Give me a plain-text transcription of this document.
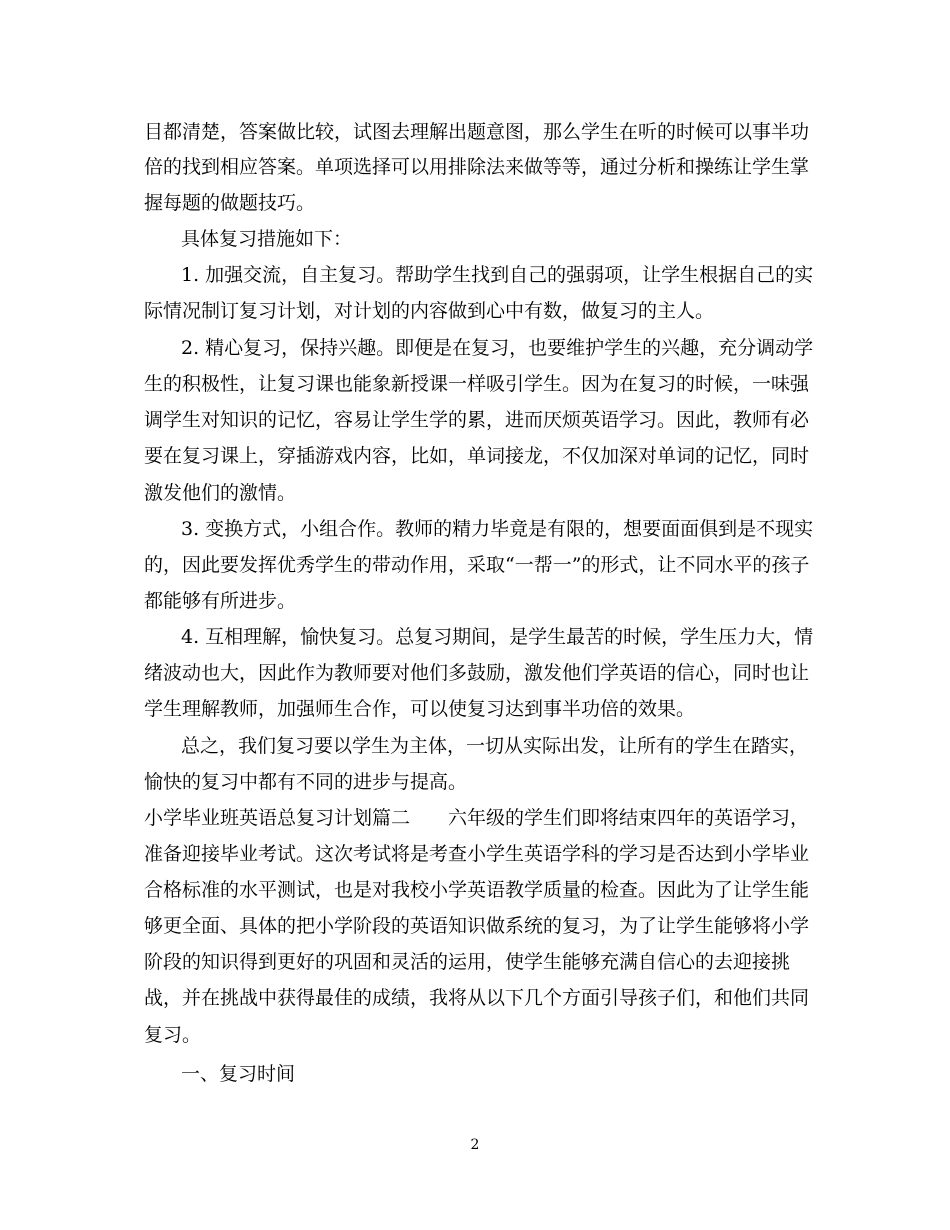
目都清楚，答案做比较，试图去理解出题意图，那么学生在听的时候可以事半功
倍的找到相应答案。单项选择可以用排除法来做等等，通过分析和操练让学生掌
握每题的做题技巧。
具体复习措施如下：
1. 加强交流，自主复习。帮助学生找到自己的强弱项，让学生根据自己的实
际情况制订复习计划，对计划的内容做到心中有数，做复习的主人。
2. 精心复习，保持兴趣。即便是在复习，也要维护学生的兴趣，充分调动学
生的积极性，让复习课也能象新授课一样吸引学生。因为在复习的时候，一味强
调学生对知识的记忆，容易让学生学的累，进而厌烦英语学习。因此，教师有必
要在复习课上，穿插游戏内容，比如，单词接龙，不仅加深对单词的记忆，同时
激发他们的激情。
3. 变换方式，小组合作。教师的精力毕竟是有限的，想要面面俱到是不现实
的，因此要发挥优秀学生的带动作用，采取“一帮一”的形式，让不同水平的孩子
都能够有所进步。
4. 互相理解，愉快复习。总复习期间，是学生最苦的时候，学生压力大，情
绪波动也大，因此作为教师要对他们多鼓励，激发他们学英语的信心，同时也让
学生理解教师，加强师生合作，可以使复习达到事半功倍的效果。
总之，我们复习要以学生为主体，一切从实际出发，让所有的学生在踏实，
愉快的复习中都有不同的进步与提高。
小学毕业班英语总复习计划篇二　　六年级的学生们即将结束四年的英语学习，
准备迎接毕业考试。这次考试将是考查小学生英语学科的学习是否达到小学毕业
合格标准的水平测试，也是对我校小学英语教学质量的检查。因此为了让学生能
够更全面、具体的把小学阶段的英语知识做系统的复习，为了让学生能够将小学
阶段的知识得到更好的巩固和灵活的运用，使学生能够充满自信心的去迎接挑
战，并在挑战中获得最佳的成绩，我将从以下几个方面引导孩子们，和他们共同
复习。
一、复习时间
2
